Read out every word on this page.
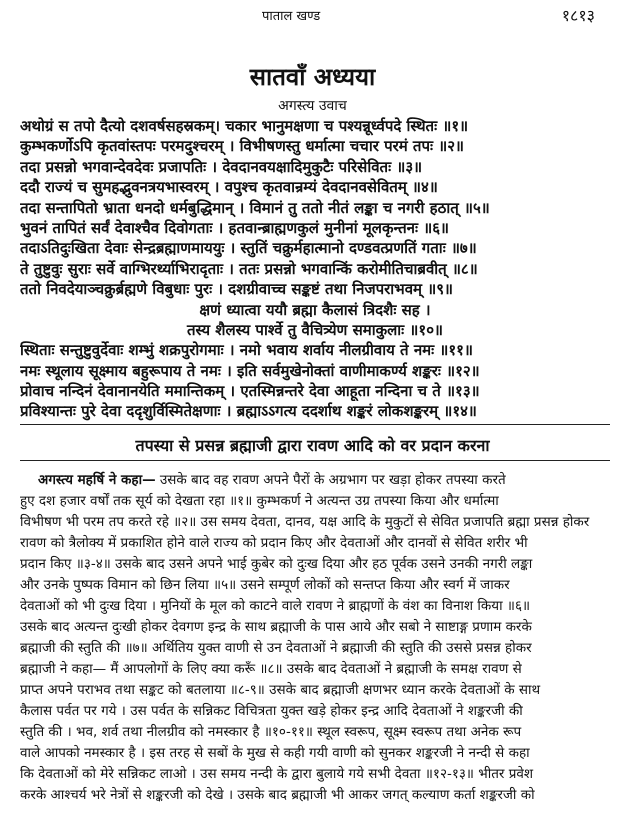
पाताल खण्ड	१८१३
सातवाँ अध्यया
अगस्त्य उवाच
अथोग्रं स तपो दैत्यो दशवर्षसहस्रकम्। चकार भानुमक्षणा च पश्यन्नूर्ध्वपदे स्थितः ॥१॥
कुम्भकर्णोऽपि कृतवांस्तपः परमदुश्चरम् । विभीषणस्तु धर्मात्मा चचार परमं तपः ॥२॥
तदा प्रसन्नो भगवान्देवदेवः प्रजापतिः । देवदानवयक्षादिमुकुटैः परिसेवितः ॥३॥
ददौ राज्यं च सुमहद्भुवनत्रयभास्वरम् । वपुश्च कृतवान्रम्यं देवदानवसेवितम् ॥४॥
तदा सन्तापितो भ्राता धनदो धर्मबुद्धिमान् । विमानं तु ततो नीतं लङ्का च नगरी हठात् ॥५॥
भुवनं तापितं सर्वं देवाश्चैव दिवोगताः । हतवान्ब्राह्मणकुलं मुनीनां मूलकृन्तनः ॥६॥
तदाऽतिदुःखिता देवाः सेन्द्रब्रह्माणमाययुः । स्तुतिं चक्रुर्महात्मानो दण्डवत्प्रणतिं गताः ॥७॥
ते तुष्टुवुः सुराः सर्वे वाग्भिरर्थ्याभिरादृताः । ततः प्रसन्नो भगवान्किं करोमीतिचाब्रवीत् ॥८॥
ततो निवदेयाञ्चक्रुर्ब्रह्मणे विबुधाः पुरः । दशग्रीवाच्च सङ्कष्टं तथा निजपराभवम् ॥९॥
क्षणं ध्यात्वा ययौ ब्रह्मा कैलासं त्रिदशैः सह ।
तस्य शैलस्य पार्श्वे तु वैचित्र्येण समाकुलाः ॥१०॥
स्थिताः सन्तुष्टुवुर्देवाः शम्भुं शक्रपुरोगमाः । नमो भवाय शर्वाय नीलग्रीवाय ते नमः ॥११॥
नमः स्थूलाय सूक्ष्माय बहुरूपाय ते नमः । इति सर्वमुखेनोक्तां वाणीमाकर्ण्य शङ्करः ॥१२॥
प्रोवाच नन्दिनं देवानानयेति ममान्तिकम् । एतस्मिन्नन्तरे देवा आहूता नन्दिना च ते ॥१३॥
प्रविश्यान्तः पुरे देवा ददृशुर्विस्मितेक्षणाः । ब्रह्माऽऽगत्य ददर्शाथ शङ्करं लोकशङ्करम् ॥१४॥
तपस्या से प्रसन्न ब्रह्माजी द्वारा रावण आदि को वर प्रदान करना
अगस्त्य महर्षि ने कहा— उसके बाद वह रावण अपने पैरों के अग्रभाग पर खड़ा होकर तपस्या करते
हुए दश हजार वर्षों तक सूर्य को देखता रहा ॥१॥ कुम्भकर्ण ने अत्यन्त उग्र तपस्या किया और धर्मात्मा
विभीषण भी परम तप करते रहे ॥२॥ उस समय देवता, दानव, यक्ष आदि के मुकुटों से सेवित प्रजापति ब्रह्मा प्रसन्न होकर
रावण को त्रैलोक्य में प्रकाशित होने वाले राज्य को प्रदान किए और देवताओं और दानवों से सेवित शरीर भी
प्रदान किए ॥३-४॥ उसके बाद उसने अपने भाई कुबेर को दुःख दिया और हठ पूर्वक उसने उनकी नगरी लङ्का
और उनके पुष्पक विमान को छिन लिया ॥५॥ उसने सम्पूर्ण लोकों को सन्तप्त किया और स्वर्ग में जाकर
देवताओं को भी दुःख दिया । मुनियों के मूल को काटने वाले रावण ने ब्राह्मणों के वंश का विनाश किया ॥६॥
उसके बाद अत्यन्त दुःखी होकर देवगण इन्द्र के साथ ब्रह्माजी के पास आये और सबो ने साष्टाङ्ग प्रणाम करके
ब्रह्माजी की स्तुति की ॥७॥ अर्थितिय युक्त वाणी से उन देवताओं ने ब्रह्माजी की स्तुति की उससे प्रसन्न होकर
ब्रह्माजी ने कहा— मैं आपलोगों के लिए क्या करूँ ॥८॥ उसके बाद देवताओं ने ब्रह्माजी के समक्ष रावण से
प्राप्त अपने पराभव तथा सङ्कट को बतलाया ॥८-९॥ उसके बाद ब्रह्माजी क्षणभर ध्यान करके देवताओं के साथ
कैलास पर्वत पर गये । उस पर्वत के सन्निकट विचित्रता युक्त खड़े होकर इन्द्र आदि देवताओं ने शङ्करजी की
स्तुति की । भव, शर्व तथा नीलग्रीव को नमस्कार है ॥१०-११॥ स्थूल स्वरूप, सूक्ष्म स्वरूप तथा अनेक रूप
वाले आपको नमस्कार है । इस तरह से सबों के मुख से कही गयी वाणी को सुनकर शङ्करजी ने नन्दी से कहा
कि देवताओं को मेरे सन्निकट लाओ । उस समय नन्दी के द्वारा बुलाये गये सभी देवता ॥१२-१३॥ भीतर प्रवेश
करके आश्चर्य भरे नेत्रों से शङ्करजी को देखे । उसके बाद ब्रह्माजी भी आकर जगत् कल्याण कर्ता शङ्करजी को
